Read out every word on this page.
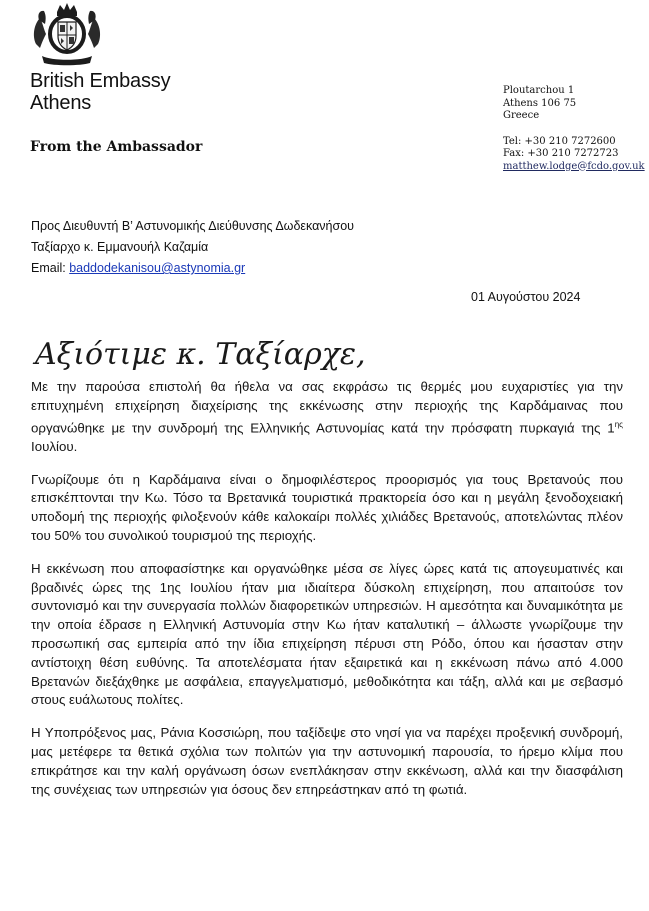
British Embassy
Athens
From the Ambassador
Ploutarchou 1
Athens 106 75
Greece
Tel: +30 210 7272600
Fax: +30 210 7272723
matthew.lodge@fcdo.gov.uk
Προς Διευθυντή Β’ Αστυνομικής Διεύθυνσης Δωδεκανήσου
Ταξίαρχο κ. Εμμανουήλ Καζαμία
Email: baddodekanisou@astynomia.gr
01 Αυγούστου 2024
Αξιότιμε κ. Ταξίαρχε,

Με την παρούσα επιστολή θα ήθελα να σας εκφράσω τις θερμές μου ευχαριστίες για την επιτυχημένη επιχείρηση διαχείρισης της εκκένωσης στην περιοχής της Καρδάμαινας που οργανώθηκε με την συνδρομή της Ελληνικής Αστυνομίας κατά την πρόσφατη πυρκαγιά της $1^{\eta\varsigma}$ Ιουλίου.

Γνωρίζουμε ότι η Καρδάμαινα είναι ο δημοφιλέστερος προορισμός για τους Βρετανούς που επισκέπτονται την Κω. Τόσο τα Βρετανικά τουριστικά πρακτορεία όσο και η μεγάλη ξενοδοχειακή υποδομή της περιοχής φιλοξενούν κάθε καλοκαίρι πολλές χιλιάδες Βρετανούς, αποτελώντας πλέον του 50% του συνολικού τουρισμού της περιοχής.

Η εκκένωση που αποφασίστηκε και οργανώθηκε μέσα σε λίγες ώρες κατά τις απογευματινές και βραδινές ώρες της 1ης Ιουλίου ήταν μια ιδιαίτερα δύσκολη επιχείρηση, που απαιτούσε τον συντονισμό και την συνεργασία πολλών διαφορετικών υπηρεσιών. Η αμεσότητα και δυναμικότητα με την οποία έδρασε η Ελληνική Αστυνομία στην Κω ήταν καταλυτική – άλλωστε γνωρίζουμε την προσωπική σας εμπειρία από την ίδια επιχείρηση πέρυσι στη Ρόδο, όπου και ήσασταν στην αντίστοιχη θέση ευθύνης. Τα αποτελέσματα ήταν εξαιρετικά και η εκκένωση πάνω από 4.000 Βρετανών διεξάχθηκε με ασφάλεια, επαγγελματισμό, μεθοδικότητα και τάξη, αλλά και με σεβασμό στους ευάλωτους πολίτες.

Η Υποπρόξενος μας, Ράνια Κοσσιώρη, που ταξίδεψε στο νησί για να παρέχει προξενική συνδρομή, μας μετέφερε τα θετικά σχόλια των πολιτών για την αστυνομική παρουσία, το ήρεμο κλίμα που επικράτησε και την καλή οργάνωση όσων ενεπλάκησαν στην εκκένωση, αλλά και την διασφάλιση της συνέχειας των υπηρεσιών για όσους δεν επηρεάστηκαν από τη φωτιά.
